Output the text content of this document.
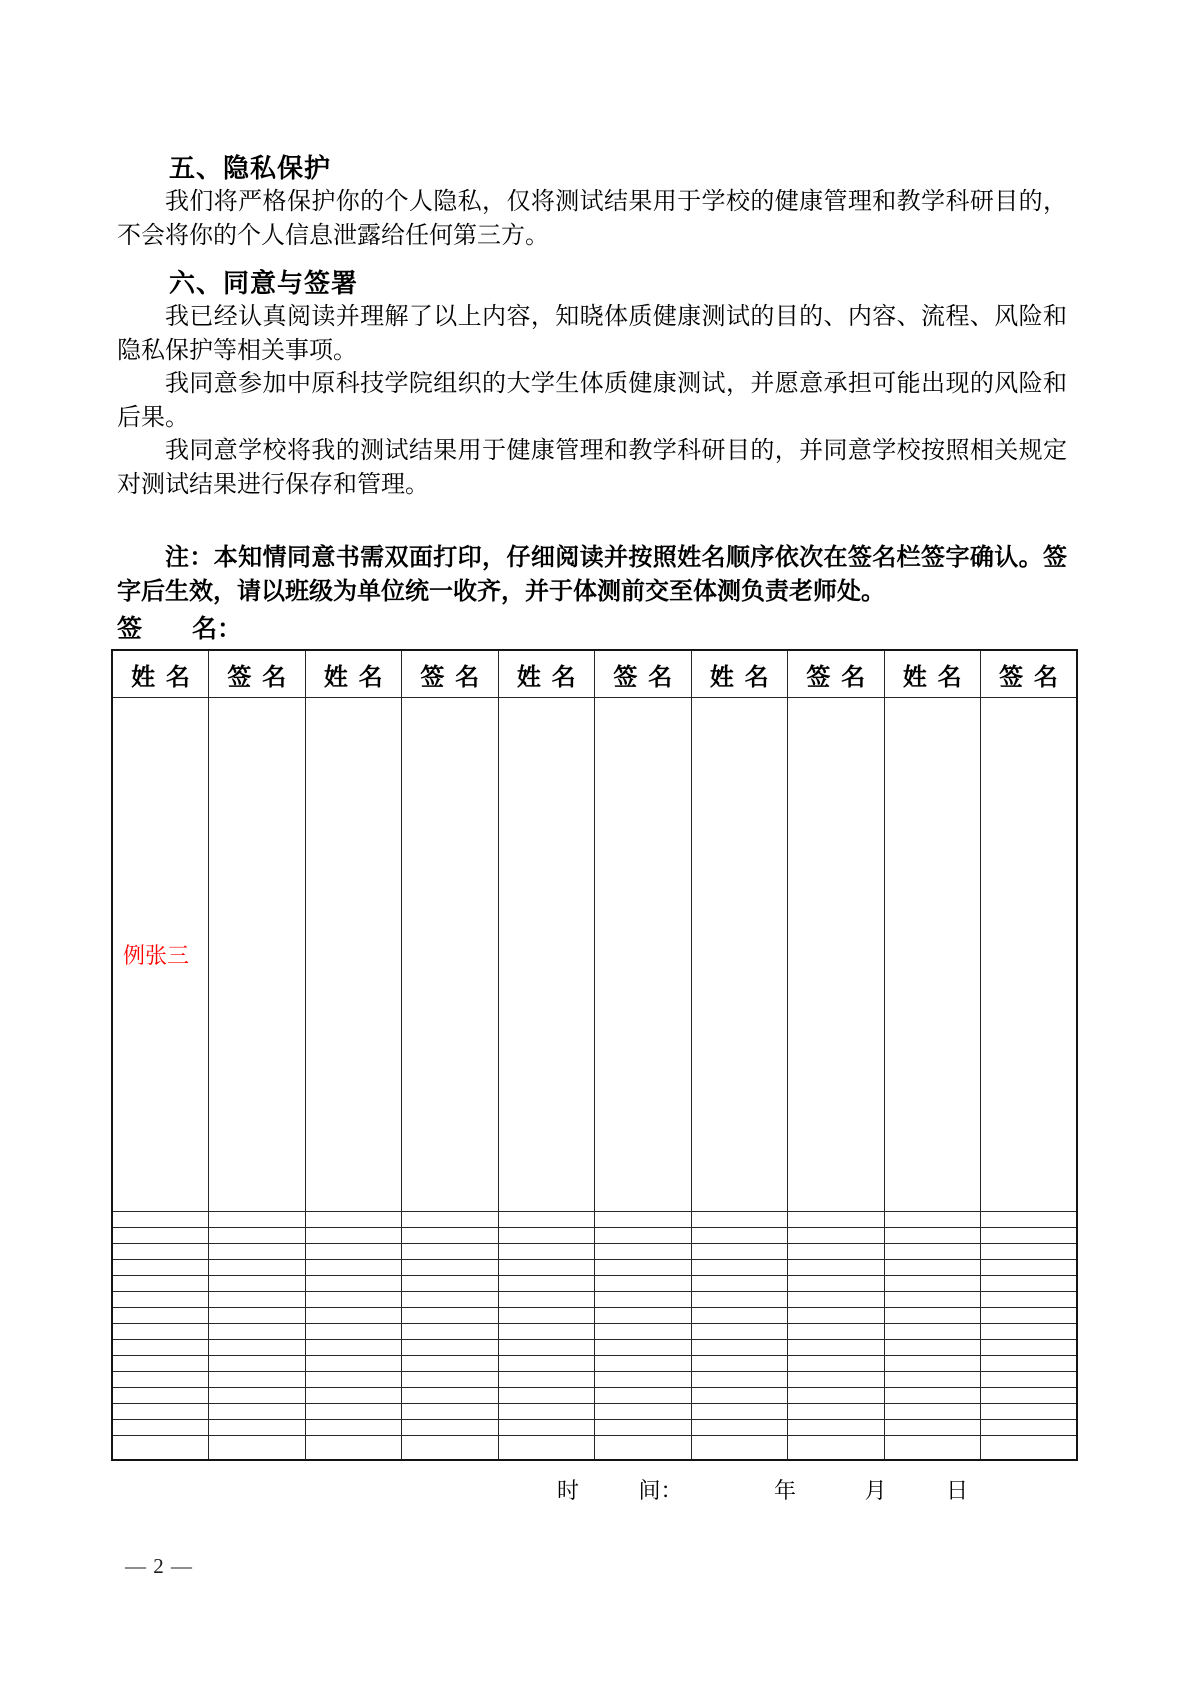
五、隐私保护

我们将严格保护你的个人隐私，仅将测试结果用于学校的健康管理和教学科研目的，不会将你的个人信息泄露给任何第三方。

六、同意与签署

我已经认真阅读并理解了以上内容，知晓体质健康测试的目的、内容、流程、风险和隐私保护等相关事项。

我同意参加中原科技学院组织的大学生体质健康测试，并愿意承担可能出现的风险和后果。

我同意学校将我的测试结果用于健康管理和教学科研目的，并同意学校按照相关规定对测试结果进行保存和管理。

注：本知情同意书需双面打印，仔细阅读并按照姓名顺序依次在签名栏签字确认。签字后生效，请以班级为单位统一收齐，并于体测前交至体测负责老师处。

签　　名：
姓 名	签 名	姓 名	签 名	姓 名	签 名	姓 名	签 名	姓 名	签 名
例张三									

时	间：	年	月	日
— 2 —
